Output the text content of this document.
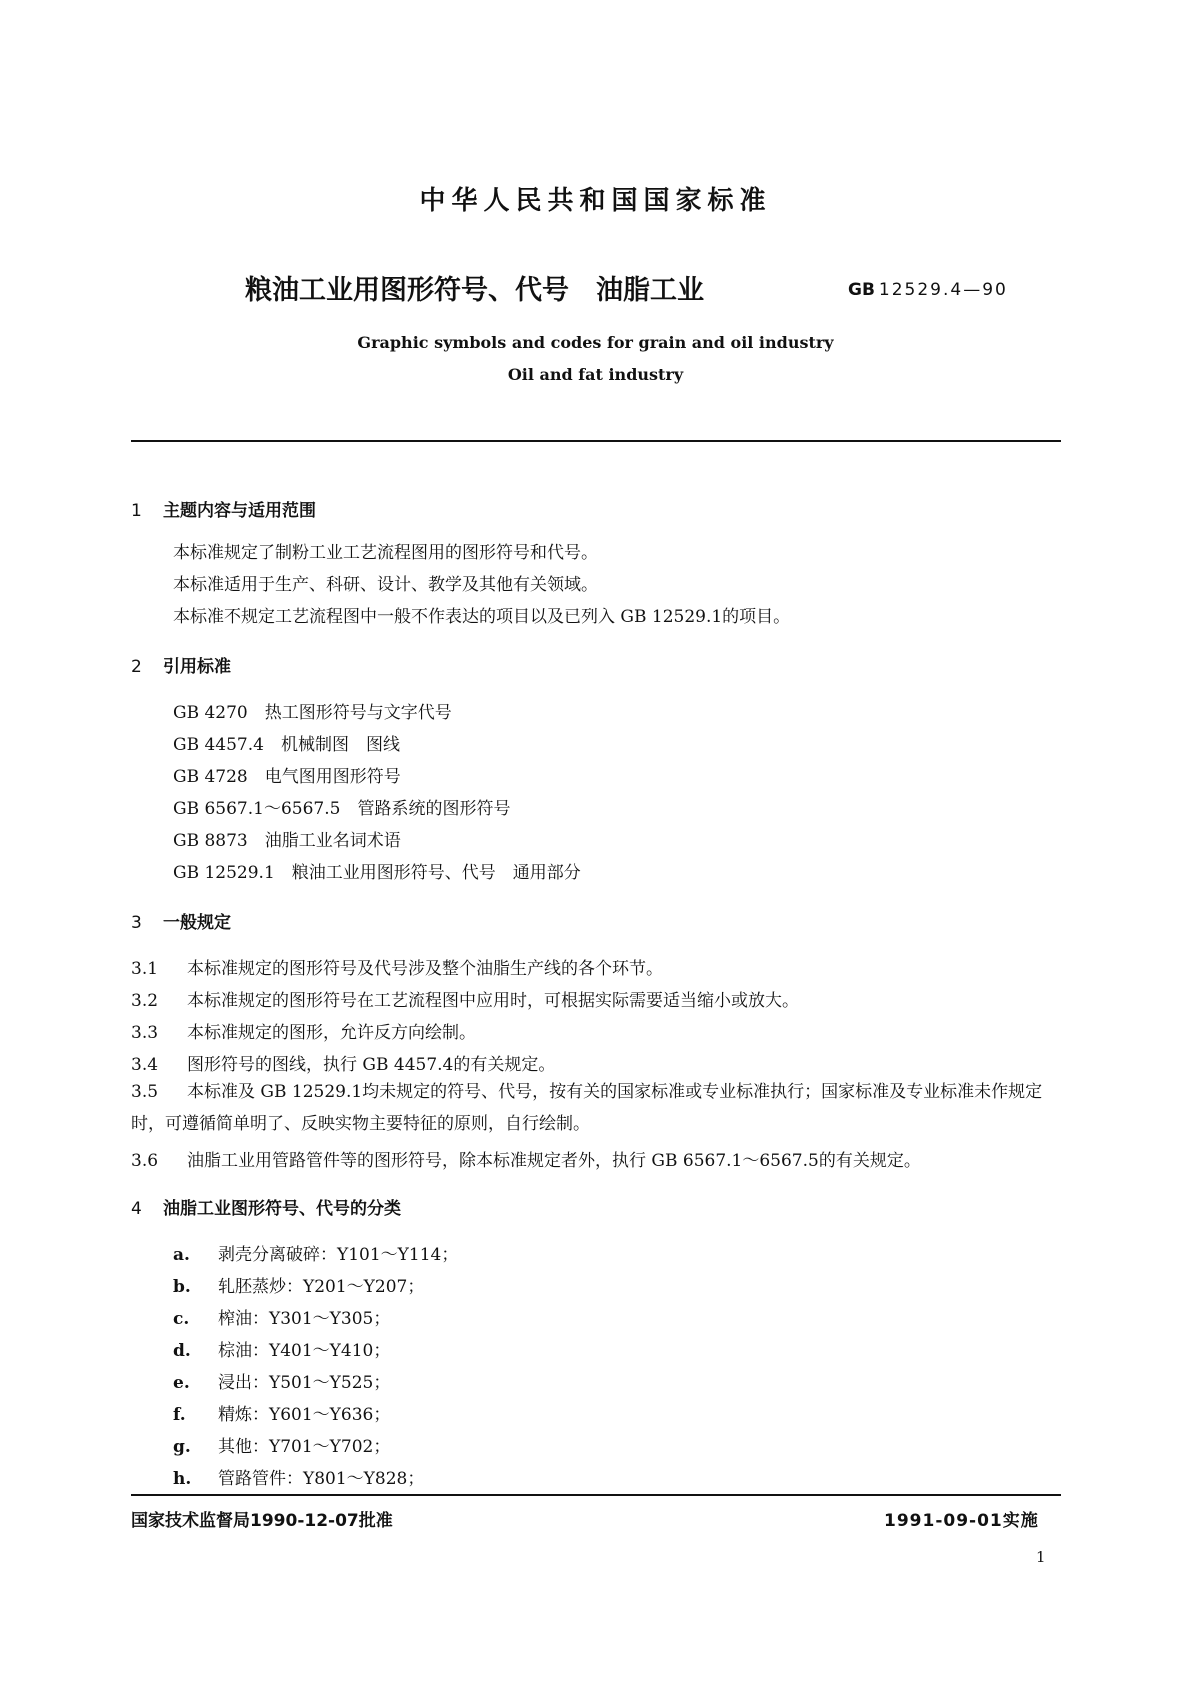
中华人民共和国国家标准
粮油工业用图形符号、代号　油脂工业	GB 12529.4—90
Graphic symbols and codes for grain and oil industry
Oil and fat industry
1 主题内容与适用范围
本标准规定了制粉工业工艺流程图用的图形符号和代号。
本标准适用于生产、科研、设计、教学及其他有关领域。
本标准不规定工艺流程图中一般不作表达的项目以及已列入 GB 12529.1的项目。
2 引用标准
GB 4270　热工图形符号与文字代号
GB 4457.4　机械制图　图线
GB 4728　电气图用图形符号
GB 6567.1～6567.5　管路系统的图形符号
GB 8873　油脂工业名词术语
GB 12529.1　粮油工业用图形符号、代号　通用部分
3 一般规定
3.1 本标准规定的图形符号及代号涉及整个油脂生产线的各个环节。
3.2 本标准规定的图形符号在工艺流程图中应用时，可根据实际需要适当缩小或放大。
3.3 本标准规定的图形，允许反方向绘制。
3.4 图形符号的图线，执行 GB 4457.4的有关规定。
3.5 本标准及 GB 12529.1均未规定的符号、代号，按有关的国家标准或专业标准执行；国家标准及专业标准未作规定时，可遵循简单明了、反映实物主要特征的原则，自行绘制。
3.6 油脂工业用管路管件等的图形符号，除本标准规定者外，执行 GB 6567.1～6567.5的有关规定。
4 油脂工业图形符号、代号的分类
a. 剥壳分离破碎：Y101～Y114；
b. 轧胚蒸炒：Y201～Y207；
c. 榨油：Y301～Y305；
d. 棕油：Y401～Y410；
e. 浸出：Y501～Y525；
f. 精炼：Y601～Y636；
g. 其他：Y701～Y702；
h. 管路管件：Y801～Y828；
国家技术监督局1990-12-07批准	1991-09-01实施
1
